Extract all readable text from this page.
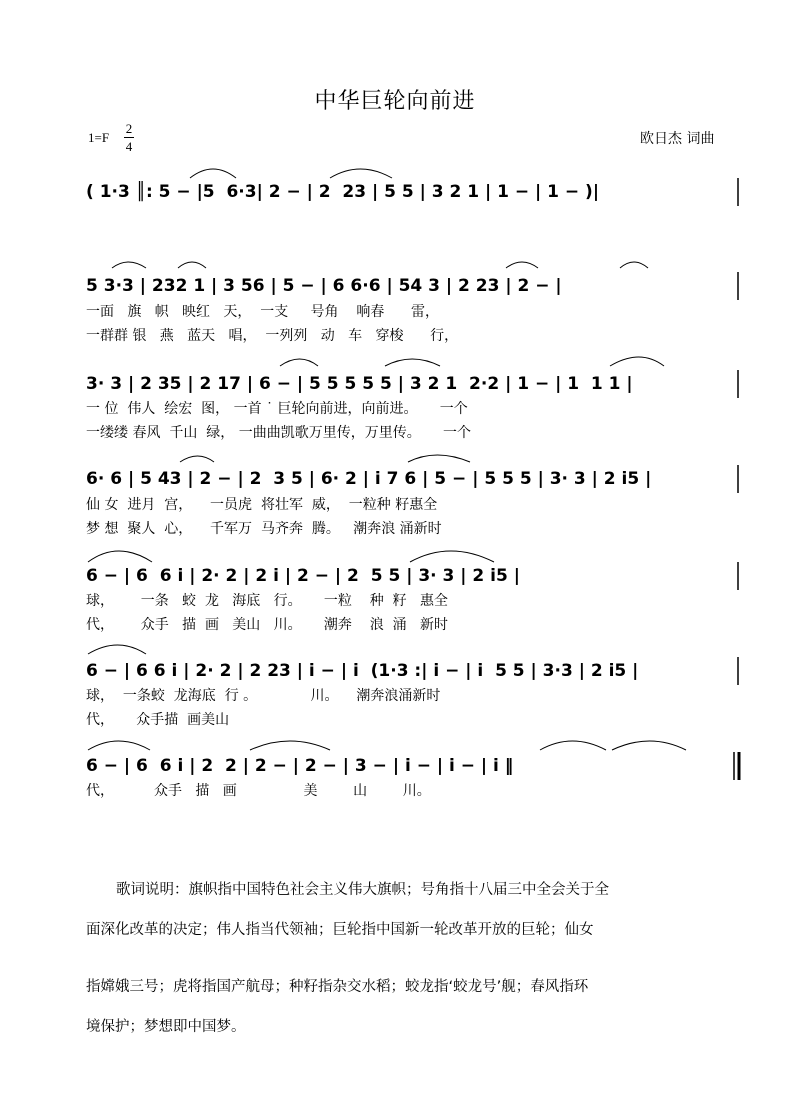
中华巨轮向前进
1=F
2
4	欧日杰 词曲
( 1·3 ║: 5 − |5  6·3| 2 − | 2  23 | 5 5 | 3 2 1 | 1 − | 1 − )|
5 3·3 | 232 1 | 3 56 | 5 − | 6 6·6 | 54 3 | 2 23 | 2 − |
3· 3 | 2 35 | 2 17 | 6 − | 5 5 5 5 5 | 3 2 1  2·2 | 1 − | 1  1 1 |
6· 6 | 5 43 | 2 − | 2  3 5 | 6· 2 | i 7 6 | 5 − | 5 5 5 | 3· 3 | 2 i5 |
6 − | 6  6 i | 2· 2 | 2 i | 2 − | 2  5 5 | 3· 3 | 2 i5 |
6 − | 6 6 i | 2· 2 | 2 23 | i − | i  (1·3 :| i − | i  5 5 | 3·3 | 2 i5 |
6 − | 6  6 i | 2  2 | 2 − | 2 − | 3 − | i − | i − | i ‖
一面   旗   帜   映红   天，  一支     号角    响春      雷，
一群群 银   燕   蓝天   唱，  一列列   动   车   穿梭      行，
一 位  伟人  绘宏  图， 一首 ˙ 巨轮向前进，向前进。     一个
一缕缕 春风  千山  绿， 一曲曲凯歌万里传，万里传。     一个
仙 女  进月  宫，    一员虎  将壮军  威，  一粒种 籽惠全
梦 想  聚人  心，    千军万  马齐奔  腾。   潮奔浪 涌新时
球，      一条   蛟  龙   海底   行。     一粒    种  籽   惠全
代，      众手   描  画   美山   川。     潮奔    浪  涌   新时
球，  一条蛟  龙海底  行 。            川。    潮奔浪涌新时
代，     众手描  画美山
代，         众手   描   画               美        山        川。
歌词说明：旗帜指中国特色社会主义伟大旗帜；号角指十八届三中全会关于全
面深化改革的决定；伟人指当代领袖；巨轮指中国新一轮改革开放的巨轮；仙女
指嫦娥三号；虎将指国产航母；种籽指杂交水稻；蛟龙指‘蛟龙号’舰；春风指环
境保护；梦想即中国梦。
